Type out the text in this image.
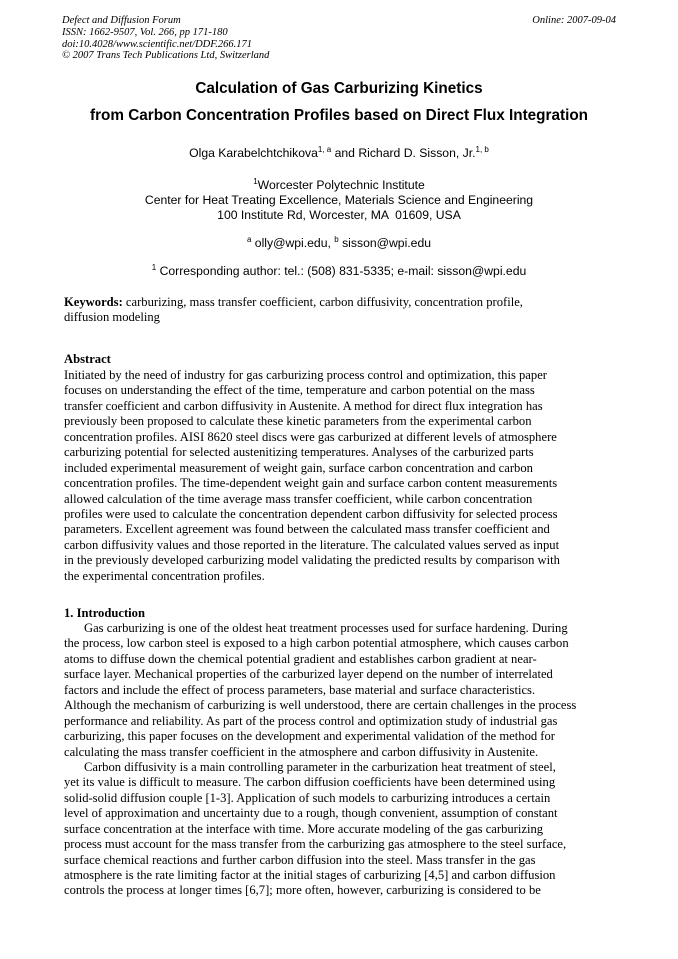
Defect and Diffusion Forum
ISSN: 1662-9507, Vol. 266, pp 171-180
doi:10.4028/www.scientific.net/DDF.266.171
© 2007 Trans Tech Publications Ltd, Switzerland
Online: 2007-09-04
Calculation of Gas Carburizing Kinetics
from Carbon Concentration Profiles based on Direct Flux Integration
Olga Karabelchtchikova$^{1, a}$ and Richard D. Sisson, Jr.$^{1, b}$
$^1$Worcester Polytechnic Institute
Center for Heat Treating Excellence, Materials Science and Engineering
100 Institute Rd, Worcester, MA  01609, USA
$^a$ olly@wpi.edu, $^b$ sisson@wpi.edu
$^1$ Corresponding author: tel.: (508) 831-5335; e-mail: sisson@wpi.edu
Keywords: carburizing, mass transfer coefficient, carbon diffusivity, concentration profile,
diffusion modeling
Abstract
Initiated by the need of industry for gas carburizing process control and optimization, this paper
focuses on understanding the effect of the time, temperature and carbon potential on the mass
transfer coefficient and carbon diffusivity in Austenite. A method for direct flux integration has
previously been proposed to calculate these kinetic parameters from the experimental carbon
concentration profiles. AISI 8620 steel discs were gas carburized at different levels of atmosphere
carburizing potential for selected austenitizing temperatures. Analyses of the carburized parts
included experimental measurement of weight gain, surface carbon concentration and carbon
concentration profiles. The time-dependent weight gain and surface carbon content measurements
allowed calculation of the time average mass transfer coefficient, while carbon concentration
profiles were used to calculate the concentration dependent carbon diffusivity for selected process
parameters. Excellent agreement was found between the calculated mass transfer coefficient and
carbon diffusivity values and those reported in the literature. The calculated values served as input
in the previously developed carburizing model validating the predicted results by comparison with
the experimental concentration profiles.
1. Introduction
Gas carburizing is one of the oldest heat treatment processes used for surface hardening. During
the process, low carbon steel is exposed to a high carbon potential atmosphere, which causes carbon
atoms to diffuse down the chemical potential gradient and establishes carbon gradient at near-
surface layer. Mechanical properties of the carburized layer depend on the number of interrelated
factors and include the effect of process parameters, base material and surface characteristics.
Although the mechanism of carburizing is well understood, there are certain challenges in the process
performance and reliability. As part of the process control and optimization study of industrial gas
carburizing, this paper focuses on the development and experimental validation of the method for
calculating the mass transfer coefficient in the atmosphere and carbon diffusivity in Austenite.
Carbon diffusivity is a main controlling parameter in the carburization heat treatment of steel,
yet its value is difficult to measure. The carbon diffusion coefficients have been determined using
solid-solid diffusion couple [1-3]. Application of such models to carburizing introduces a certain
level of approximation and uncertainty due to a rough, though convenient, assumption of constant
surface concentration at the interface with time. More accurate modeling of the gas carburizing
process must account for the mass transfer from the carburizing gas atmosphere to the steel surface,
surface chemical reactions and further carbon diffusion into the steel. Mass transfer in the gas
atmosphere is the rate limiting factor at the initial stages of carburizing [4,5] and carbon diffusion
controls the process at longer times [6,7]; more often, however, carburizing is considered to be
